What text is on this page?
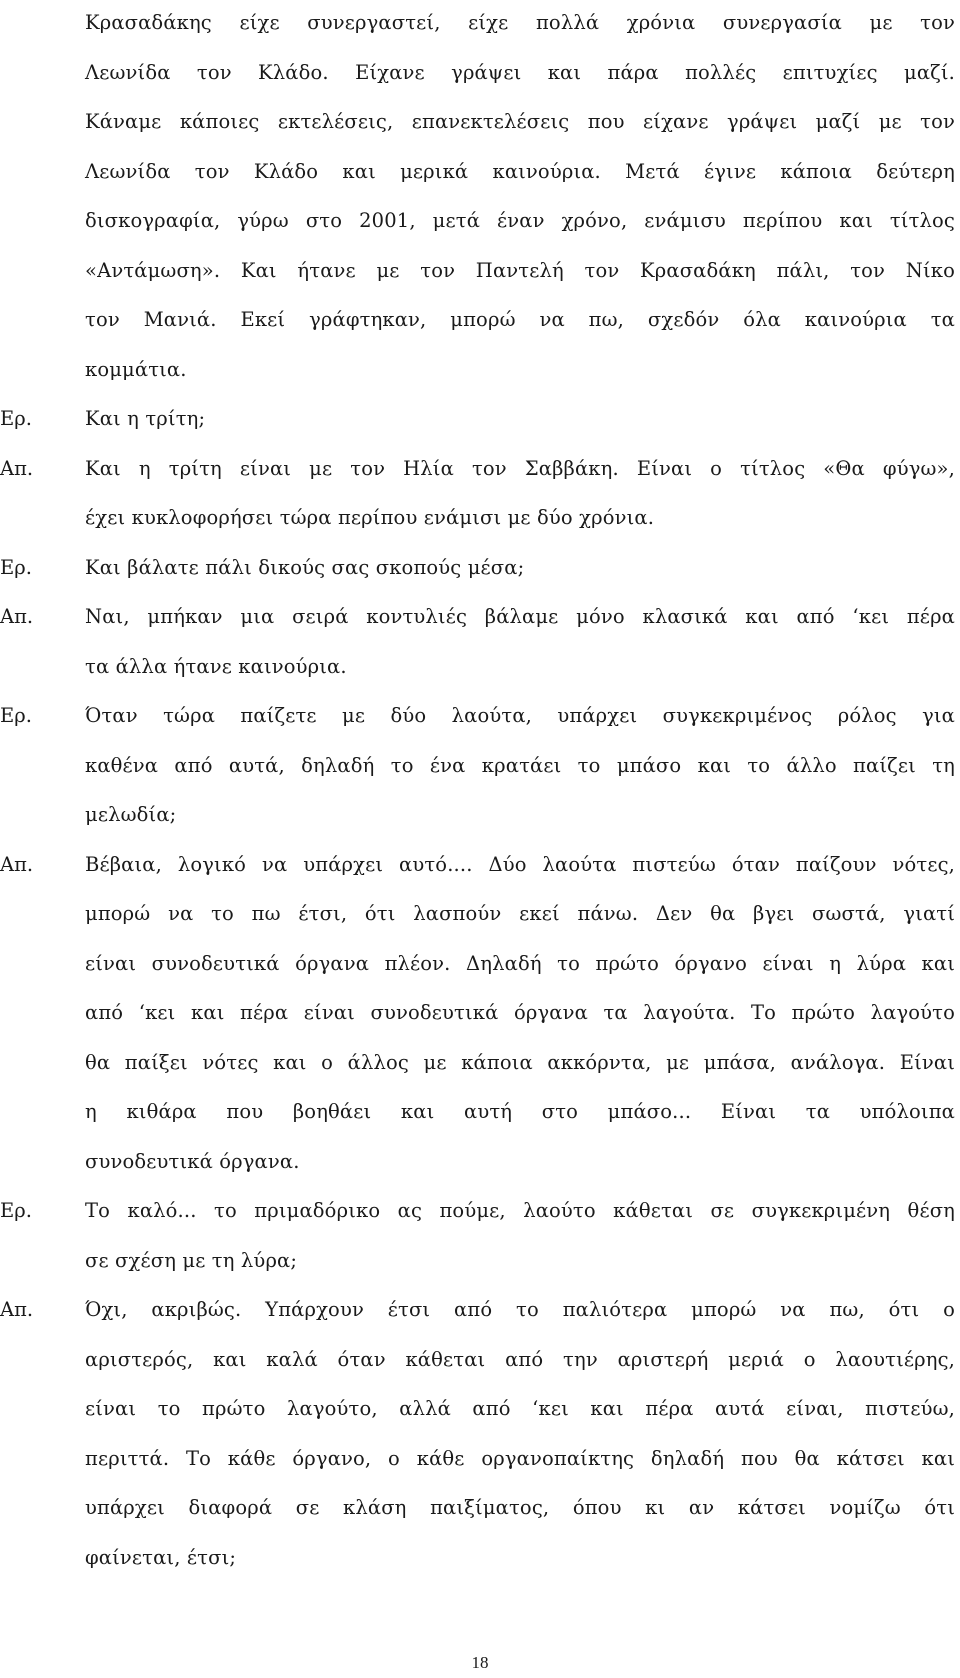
Κρασαδάκης είχε συνεργαστεί, είχε πολλά χρόνια συνεργασία με τον
Λεωνίδα τον Κλάδο. Είχανε γράψει και πάρα πολλές επιτυχίες μαζί.
Κάναμε κάποιες εκτελέσεις, επανεκτελέσεις που είχανε γράψει μαζί με τον
Λεωνίδα τον Κλάδο και μερικά καινούρια. Μετά έγινε κάποια δεύτερη
δισκογραφία, γύρω στο 2001, μετά έναν χρόνο, ενάμισυ περίπου και τίτλος
«Αντάμωση». Και ήτανε με τον Παντελή τον Κρασαδάκη πάλι, τον Νίκο
τον Μανιά. Εκεί γράφτηκαν, μπορώ να πω, σχεδόν όλα καινούρια τα
κομμάτια.
Ερ.	Και η τρίτη;
Απ.	Και η τρίτη είναι με τον Ηλία τον Σαββάκη. Είναι ο τίτλος «Θα φύγω»,
έχει κυκλοφορήσει τώρα περίπου ενάμισι με δύο χρόνια.
Ερ.	Και βάλατε πάλι δικούς σας σκοπούς μέσα;
Απ.	Ναι, μπήκαν μια σειρά κοντυλιές βάλαμε μόνο κλασικά και από ‘κει πέρα
τα άλλα ήτανε καινούρια.
Ερ.	Όταν τώρα παίζετε με δύο λαούτα, υπάρχει συγκεκριμένος ρόλος για
καθένα από αυτά, δηλαδή το ένα κρατάει το μπάσο και το άλλο παίζει τη
μελωδία;
Απ.	Βέβαια, λογικό να υπάρχει αυτό.... Δύο λαούτα πιστεύω όταν παίζουν νότες,
μπορώ να το πω έτσι, ότι λασπούν εκεί πάνω. Δεν θα βγει σωστά, γιατί
είναι συνοδευτικά όργανα πλέον. Δηλαδή το πρώτο όργανο είναι η λύρα και
από ‘κει και πέρα είναι συνοδευτικά όργανα τα λαγούτα. Το πρώτο λαγούτο
θα παίξει νότες και ο άλλος με κάποια ακκόρντα, με μπάσα, ανάλογα. Είναι
η κιθάρα που βοηθάει και αυτή στο μπάσο... Είναι τα υπόλοιπα
συνοδευτικά όργανα.
Ερ.	Το καλό... το πριμαδόρικο ας πούμε, λαούτο κάθεται σε συγκεκριμένη θέση
σε σχέση με τη λύρα;
Απ.	Όχι, ακριβώς. Υπάρχουν έτσι από το παλιότερα μπορώ να πω, ότι ο
αριστερός, και καλά όταν κάθεται από την αριστερή μεριά ο λαουτιέρης,
είναι το πρώτο λαγούτο, αλλά από ‘κει και πέρα αυτά είναι, πιστεύω,
περιττά. Το κάθε όργανο, ο κάθε οργανοπαίκτης δηλαδή που θα κάτσει και
υπάρχει διαφορά σε κλάση παιξίματος, όπου κι αν κάτσει νομίζω ότι
φαίνεται, έτσι;
18
